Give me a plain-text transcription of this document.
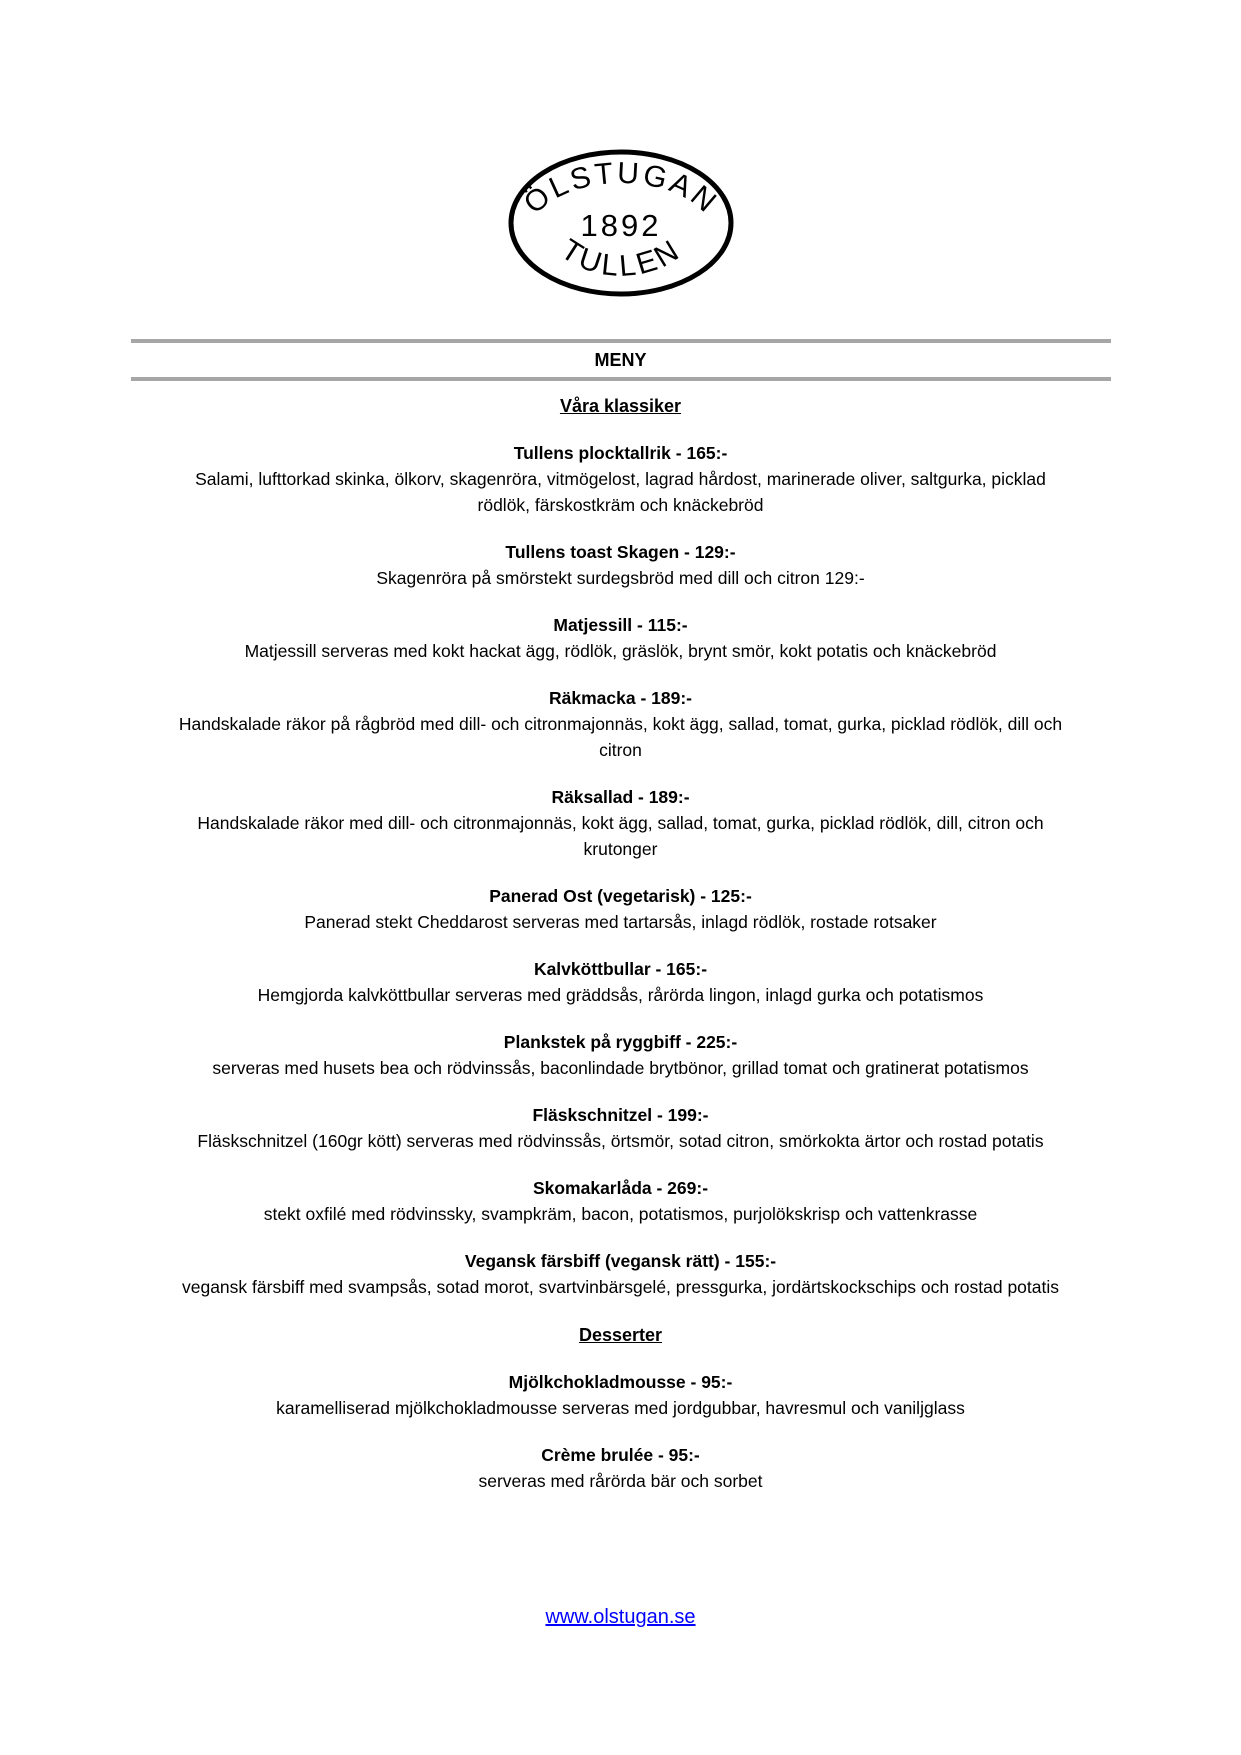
ÖLSTUGAN
1892
TULLEN
MENY
Våra klassiker
Tullens plocktallrik - 165:-
Salami, lufttorkad skinka, ölkorv, skagenröra, vitmögelost, lagrad hårdost, marinerade oliver, saltgurka, picklad rödlök, färskostkräm och knäckebröd
Tullens toast Skagen - 129:-
Skagenröra på smörstekt surdegsbröd med dill och citron 129:-
Matjessill - 115:-
Matjessill serveras med kokt hackat ägg, rödlök, gräslök, brynt smör, kokt potatis och knäckebröd
Räkmacka - 189:-
Handskalade räkor på rågbröd med dill- och citronmajonnäs, kokt ägg, sallad, tomat, gurka, picklad rödlök, dill och citron
Räksallad - 189:-
Handskalade räkor med dill- och citronmajonnäs, kokt ägg, sallad, tomat, gurka, picklad rödlök, dill, citron och krutonger
Panerad Ost (vegetarisk) - 125:-
Panerad stekt Cheddarost serveras med tartarsås, inlagd rödlök, rostade rotsaker
Kalvköttbullar - 165:-
Hemgjorda kalvköttbullar serveras med gräddsås, rårörda lingon, inlagd gurka och potatismos
Plankstek på ryggbiff - 225:-
serveras med husets bea och rödvinssås, baconlindade brytbönor, grillad tomat och gratinerat potatismos
Fläskschnitzel - 199:-
Fläskschnitzel (160gr kött) serveras med rödvinssås, örtsmör, sotad citron, smörkokta ärtor och rostad potatis
Skomakarlåda - 269:-
stekt oxfilé med rödvinssky, svampkräm, bacon, potatismos, purjolökskrisp och vattenkrasse
Vegansk färsbiff (vegansk rätt) - 155:-
vegansk färsbiff med svampsås, sotad morot, svartvinbärsgelé, pressgurka, jordärtskockschips och rostad potatis
Desserter
Mjölkchokladmousse - 95:-
karamelliserad mjölkchokladmousse serveras med jordgubbar, havresmul och vaniljglass
Crème brulée - 95:-
serveras med rårörda bär och sorbet
www.olstugan.se
